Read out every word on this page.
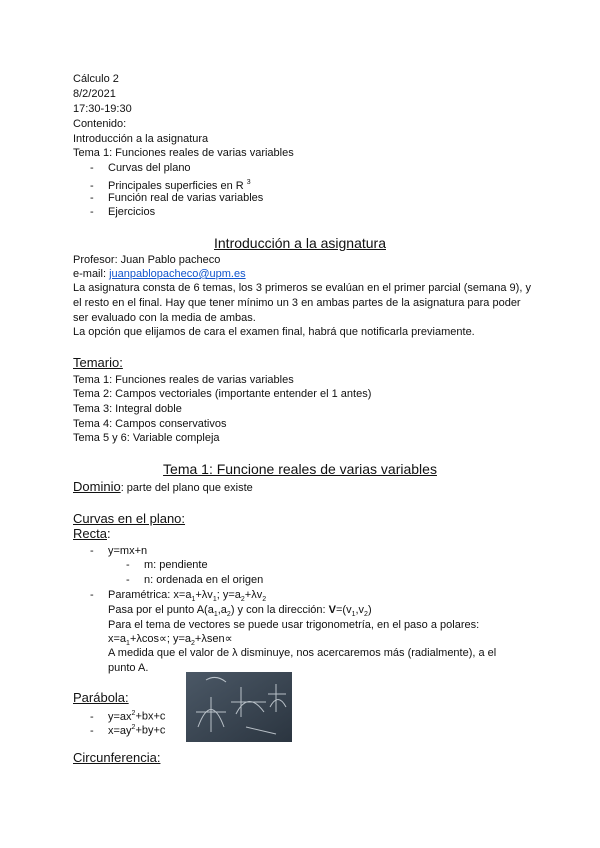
Cálculo 2
8/2/2021
17:30-19:30
Contenido:
Introducción a la asignatura
Tema 1: Funciones reales de varias variables
- Curvas del plano
- Principales superficies en R $^3$
- Función real de varias variables
- Ejercicios
Introducción a la asignatura
Profesor: Juan Pablo pacheco
e-mail: juanpablopacheco@upm.es
La asignatura consta de 6 temas, los 3 primeros se evalúan en el primer parcial (semana 9), y el resto en el final. Hay que tener mínimo un 3 en ambas partes de la asignatura para poder ser evaluado con la media de ambas.
La opción que elijamos de cara el examen final, habrá que notificarla previamente.
Temario:
Tema 1: Funciones reales de varias variables
Tema 2: Campos vectoriales (importante entender el 1 antes)
Tema 3: Integral doble
Tema 4: Campos conservativos
Tema 5 y 6: Variable compleja
Tema 1: Funcione reales de varias variables
Dominio: parte del plano que existe
Curvas en el plano:
Recta:
- y=mx+n
- m: pendiente
- n: ordenada en el origen
- Paramétrica: $x=a_1+\lambda v_1$; $y=a_2+\lambda v_2$
Pasa por el punto $A(a_1,a_2)$ y con la dirección: $V=(v_1,v_2)$
Para el tema de vectores se puede usar trigonometría, en el paso a polares:
$x=a_1+\lambda\cos\propto$; $y=a_2+\lambda sen\propto$
A medida que el valor de λ disminuye, nos acercaremos más (radialmente), a el punto A.
Parábola:
- $y=ax^2+bx+c$
- $x=ay^2+by+c$
Circunferencia:
